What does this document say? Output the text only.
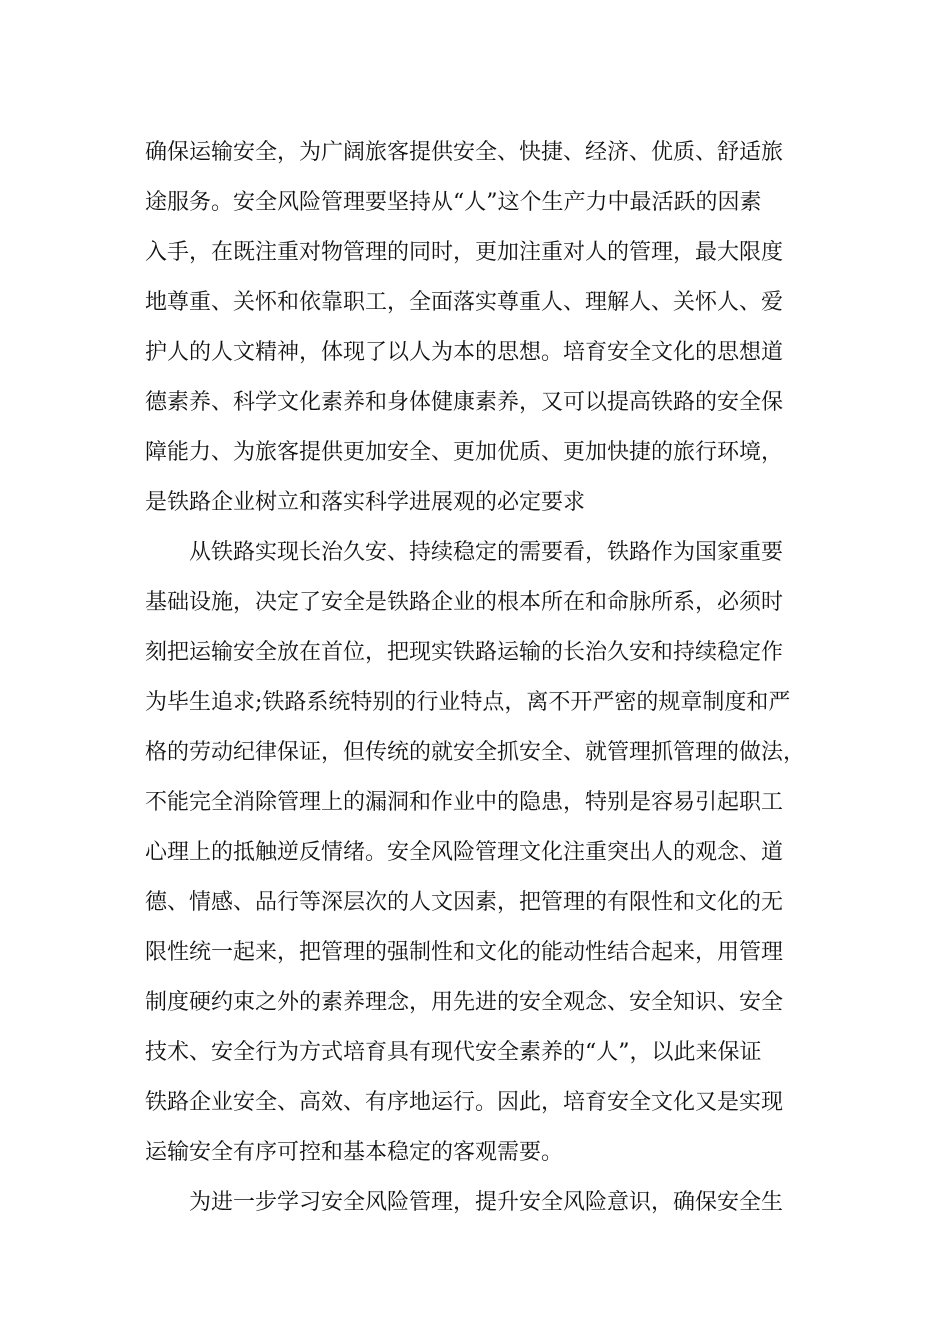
确保运输安全，为广阔旅客提供安全、快捷、经济、优质、舒适旅
途服务。安全风险管理要坚持从“人”这个生产力中最活跃的因素
入手，在既注重对物管理的同时，更加注重对人的管理，最大限度
地尊重、关怀和依靠职工，全面落实尊重人、理解人、关怀人、爱
护人的人文精神，体现了以人为本的思想。培育安全文化的思想道
德素养、科学文化素养和身体健康素养，又可以提高铁路的安全保
障能力、为旅客提供更加安全、更加优质、更加快捷的旅行环境，
是铁路企业树立和落实科学进展观的必定要求
从铁路实现长治久安、持续稳定的需要看，铁路作为国家重要
基础设施，决定了安全是铁路企业的根本所在和命脉所系，必须时
刻把运输安全放在首位，把现实铁路运输的长治久安和持续稳定作
为毕生追求;铁路系统特别的行业特点，离不开严密的规章制度和严
格的劳动纪律保证，但传统的就安全抓安全、就管理抓管理的做法，
不能完全消除管理上的漏洞和作业中的隐患，特别是容易引起职工
心理上的抵触逆反情绪。安全风险管理文化注重突出人的观念、道
德、情感、品行等深层次的人文因素，把管理的有限性和文化的无
限性统一起来，把管理的强制性和文化的能动性结合起来，用管理
制度硬约束之外的素养理念，用先进的安全观念、安全知识、安全
技术、安全行为方式培育具有现代安全素养的“人”，以此来保证
铁路企业安全、高效、有序地运行。因此，培育安全文化又是实现
运输安全有序可控和基本稳定的客观需要。
为进一步学习安全风险管理，提升安全风险意识，确保安全生
